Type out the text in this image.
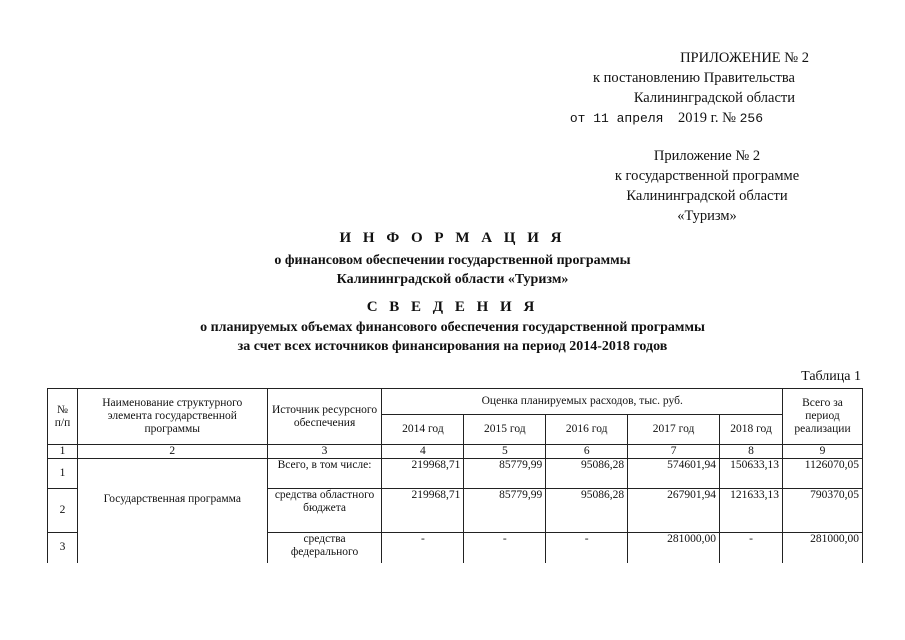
ПРИЛОЖЕНИЕ № 2
к постановлению Правительства
Калининградской области
от 11 апреля 2019 г. № 256
Приложение № 2
к государственной программе
Калининградской области
«Туризм»
И Н Ф О Р М А Ц И Я
о финансовом обеспечении государственной программы
Калининградской области «Туризм»
С В Е Д Е Н И Я
о планируемых объемах финансового обеспечения государственной программы
за счет всех источников финансирования на период 2014-2018 годов
Таблица 1
№ п/п	Наименование структурного элемента государственной программы	Источник ресурсного обеспечения	Оценка планируемых расходов, тыс. руб.					Всего за период реализации
			2014 год	2015 год	2016 год	2017 год	2018 год	
1	2	3	4	5	6	7	8	9
1	Государственная программа	Всего, в том числе:	219968,71	85779,99	95086,28	574601,94	150633,13	1126070,05
2		средства областного бюджета	219968,71	85779,99	95086,28	267901,94	121633,13	790370,05
3		средства федерального	-	-	-	281000,00	-	281000,00
